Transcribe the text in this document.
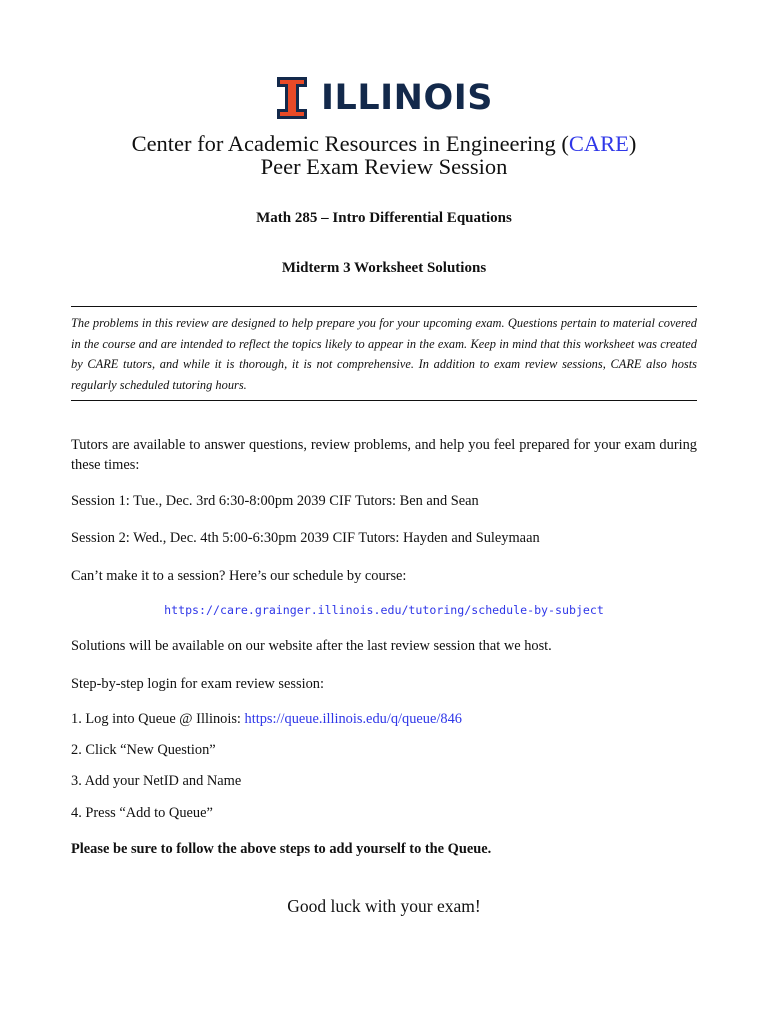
ILLINOIS
Center for Academic Resources in Engineering (CARE)
Peer Exam Review Session
Math 285 – Intro Differential Equations
Midterm 3 Worksheet Solutions
The problems in this review are designed to help prepare you for your upcoming exam. Questions pertain to material covered in the course and are intended to reflect the topics likely to appear in the exam. Keep in mind that this worksheet was created by CARE tutors, and while it is thorough, it is not comprehensive. In addition to exam review sessions, CARE also hosts regularly scheduled tutoring hours.
Tutors are available to answer questions, review problems, and help you feel prepared for your exam during these times:
Session 1: Tue., Dec. 3rd 6:30-8:00pm 2039 CIF Tutors: Ben and Sean
Session 2: Wed., Dec. 4th 5:00-6:30pm 2039 CIF Tutors: Hayden and Suleymaan
Can’t make it to a session? Here’s our schedule by course:
https://care.grainger.illinois.edu/tutoring/schedule-by-subject
Solutions will be available on our website after the last review session that we host.
Step-by-step login for exam review session:
1. Log into Queue @ Illinois: https://queue.illinois.edu/q/queue/846
2. Click “New Question”
3. Add your NetID and Name
4. Press “Add to Queue”
Please be sure to follow the above steps to add yourself to the Queue.
Good luck with your exam!
